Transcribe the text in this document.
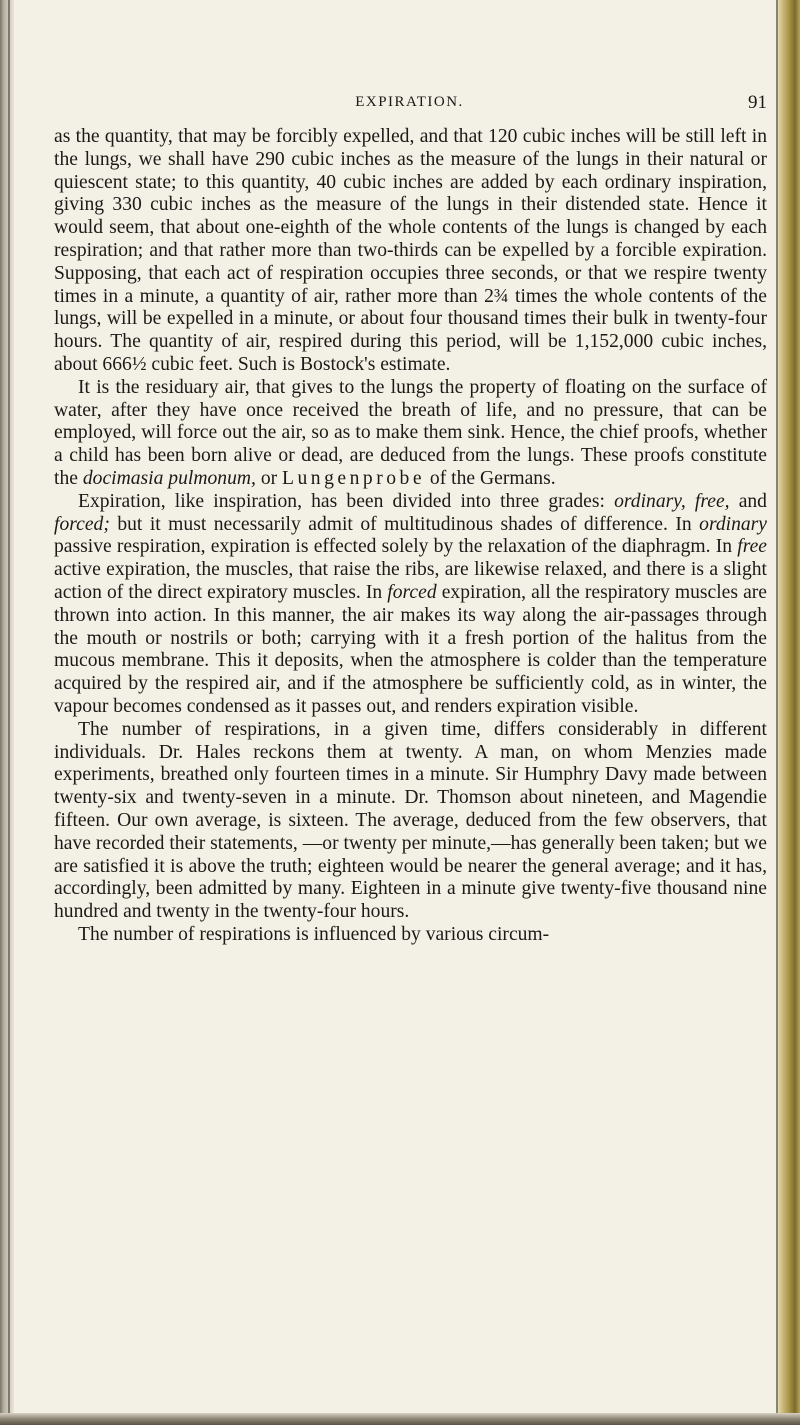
EXPIRATION.	91

as the quantity, that may be forcibly expelled, and that 120 cubic inches will be still left in the lungs, we shall have 290 cubic inches as the measure of the lungs in their natural or quiescent state; to this quantity, 40 cubic inches are added by each ordinary inspiration, giving 330 cubic inches as the measure of the lungs in their distended state. Hence it would seem, that about one-eighth of the whole contents of the lungs is changed by each respiration; and that rather more than two-thirds can be expelled by a forcible expiration. Supposing, that each act of respiration occupies three seconds, or that we respire twenty times in a minute, a quantity of air, rather more than 2¾ times the whole contents of the lungs, will be expelled in a minute, or about four thousand times their bulk in twenty-four hours. The quantity of air, respired during this period, will be 1,152,000 cubic inches, about 666½ cubic feet. Such is Bostock's estimate.

It is the residuary air, that gives to the lungs the property of floating on the surface of water, after they have once received the breath of life, and no pressure, that can be employed, will force out the air, so as to make them sink. Hence, the chief proofs, whether a child has been born alive or dead, are deduced from the lungs. These proofs constitute the docimasia pulmonum, or Lungenprobe of the Germans.

Expiration, like inspiration, has been divided into three grades: ordinary, free, and forced; but it must necessarily admit of multitudinous shades of difference. In ordinary passive respiration, expiration is effected solely by the relaxation of the diaphragm. In free active expiration, the muscles, that raise the ribs, are likewise relaxed, and there is a slight action of the direct expiratory muscles. In forced expiration, all the respiratory muscles are thrown into action. In this manner, the air makes its way along the air-passages through the mouth or nostrils or both; carrying with it a fresh portion of the halitus from the mucous membrane. This it deposits, when the atmosphere is colder than the temperature acquired by the respired air, and if the atmosphere be sufficiently cold, as in winter, the vapour becomes condensed as it passes out, and renders expiration visible.

The number of respirations, in a given time, differs considerably in different individuals. Dr. Hales reckons them at twenty. A man, on whom Menzies made experiments, breathed only fourteen times in a minute. Sir Humphry Davy made between twenty-six and twenty-seven in a minute. Dr. Thomson about nineteen, and Magendie fifteen. Our own average, is sixteen. The average, deduced from the few observers, that have recorded their statements, —or twenty per minute,—has generally been taken; but we are satisfied it is above the truth; eighteen would be nearer the general average; and it has, accordingly, been admitted by many. Eighteen in a minute give twenty-five thousand nine hundred and twenty in the twenty-four hours.

The number of respirations is influenced by various circum-
